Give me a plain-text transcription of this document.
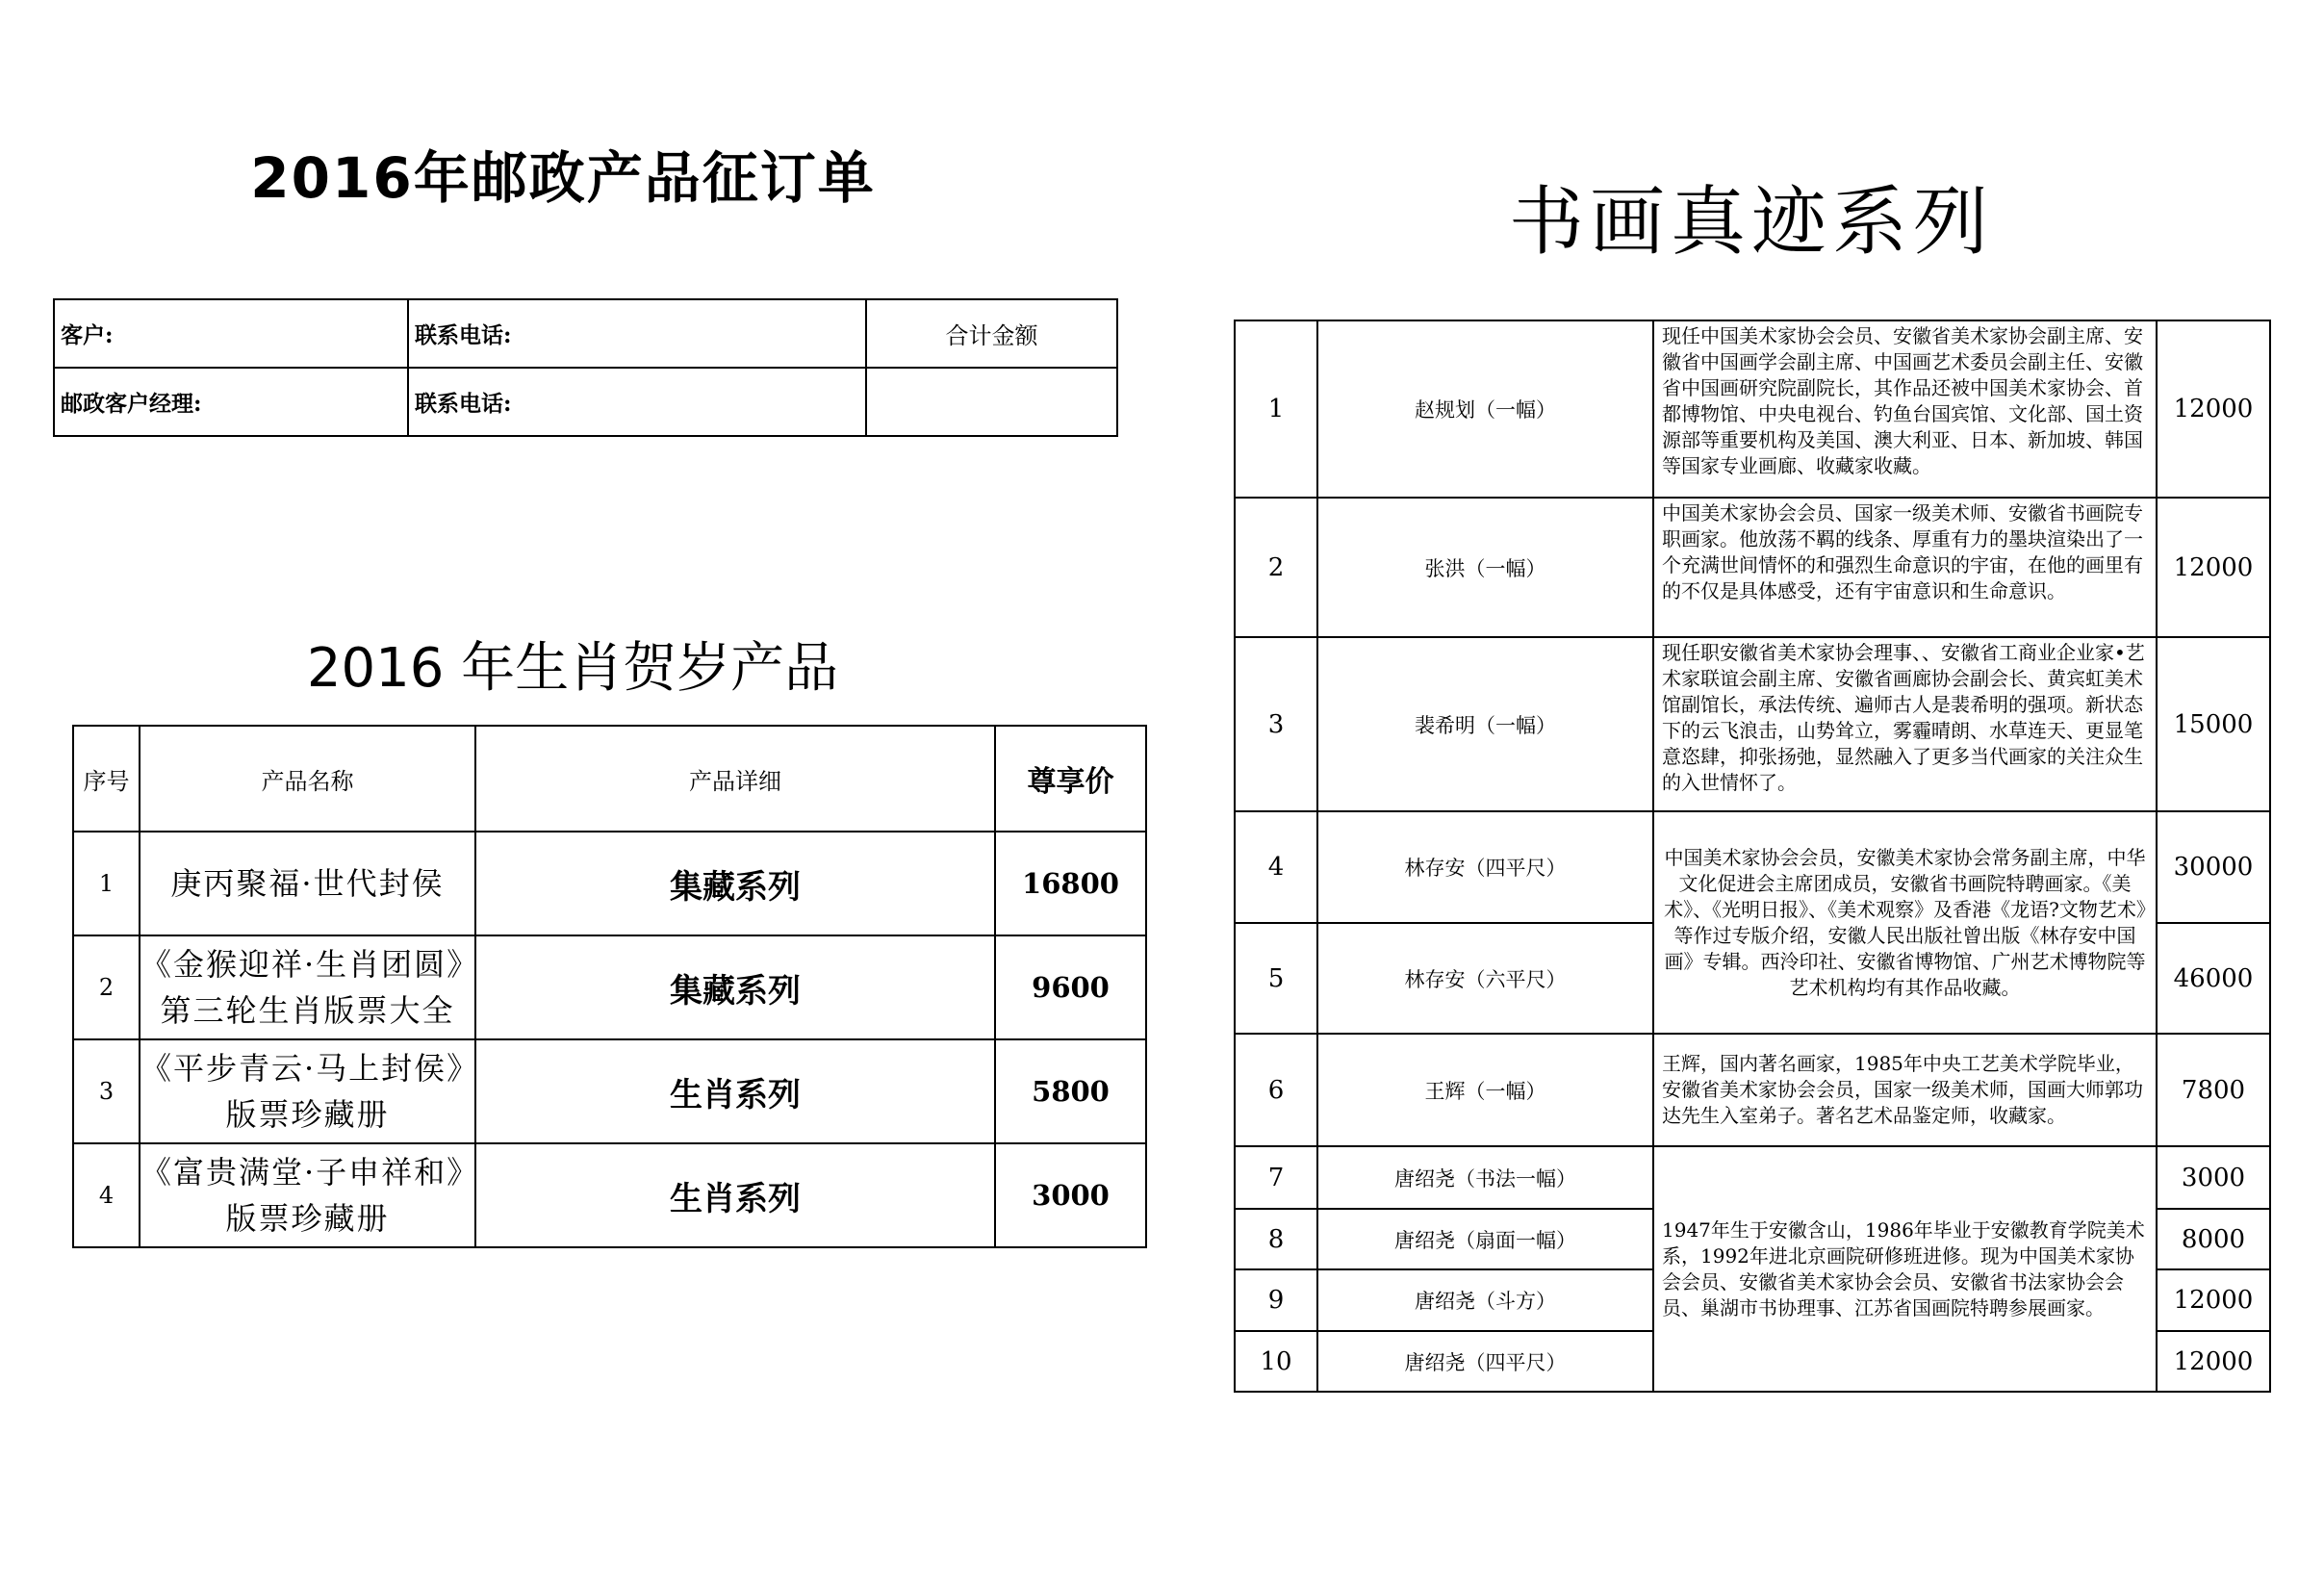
2016年邮政产品征订单
书画真迹系列
客户:	联系电话:	合计金额
邮政客户经理:	联系电话:	
2016 年生肖贺岁产品
序号	产品名称	产品详细	尊享价
1	庚丙聚福·世代封侯	集藏系列	16800
2	《金猴迎祥·生肖团圆》
第三轮生肖版票大全	集藏系列	9600
3	《平步青云·马上封侯》
版票珍藏册	生肖系列	5800
4	《富贵满堂·子申祥和》
版票珍藏册	生肖系列	3000
1	赵规划（一幅）	现任中国美术家协会会员、安徽省美术家协会副主席、安徽省中国画学会副主席、中国画艺术委员会副主任、安徽省中国画研究院副院长，其作品还被中国美术家协会、首都博物馆、中央电视台、钓鱼台国宾馆、文化部、国土资源部等重要机构及美国、澳大利亚、日本、新加坡、韩国等国家专业画廊、收藏家收藏。	12000
2	张洪（一幅）	中国美术家协会会员、国家一级美术师、安徽省书画院专职画家。他放荡不羁的线条、厚重有力的墨块渲染出了一个充满世间情怀的和强烈生命意识的宇宙，在他的画里有的不仅是具体感受，还有宇宙意识和生命意识。	12000
3	裴希明（一幅）	现任职安徽省美术家协会理事、、安徽省工商业企业家•艺术家联谊会副主席、安徽省画廊协会副会长、黄宾虹美术馆副馆长，承法传统、遍师古人是裴希明的强项。新状态下的云飞浪击，山势耸立，雾霾晴朗、水草连天、更显笔意恣肆，抑张扬弛，显然融入了更多当代画家的关注众生的入世情怀了。	15000
4	林存安（四平尺）	中国美术家协会会员，安徽美术家协会常务副主席，中华文化促进会主席团成员，安徽省书画院特聘画家。《美术》、《光明日报》、《美术观察》及香港《龙语?文物艺术》等作过专版介绍，安徽人民出版社曾出版《林存安中国画》专辑。西泠印社、安徽省博物馆、广州艺术博物院等艺术机构均有其作品收藏。	30000
5	林存安（六平尺）		46000
6	王辉（一幅）	王辉，国内著名画家，1985年中央工艺美术学院毕业，安徽省美术家协会会员，国家一级美术师，国画大师郭功达先生入室弟子。著名艺术品鉴定师，收藏家。	7800
7	唐绍尧（书法一幅）	1947年生于安徽含山，1986年毕业于安徽教育学院美术系，1992年进北京画院研修班进修。现为中国美术家协会会员、安徽省美术家协会会员、安徽省书法家协会会员、巢湖市书协理事、江苏省国画院特聘参展画家。	3000
8	唐绍尧（扇面一幅）		8000
9	唐绍尧（斗方）		12000
10	唐绍尧（四平尺）		12000
